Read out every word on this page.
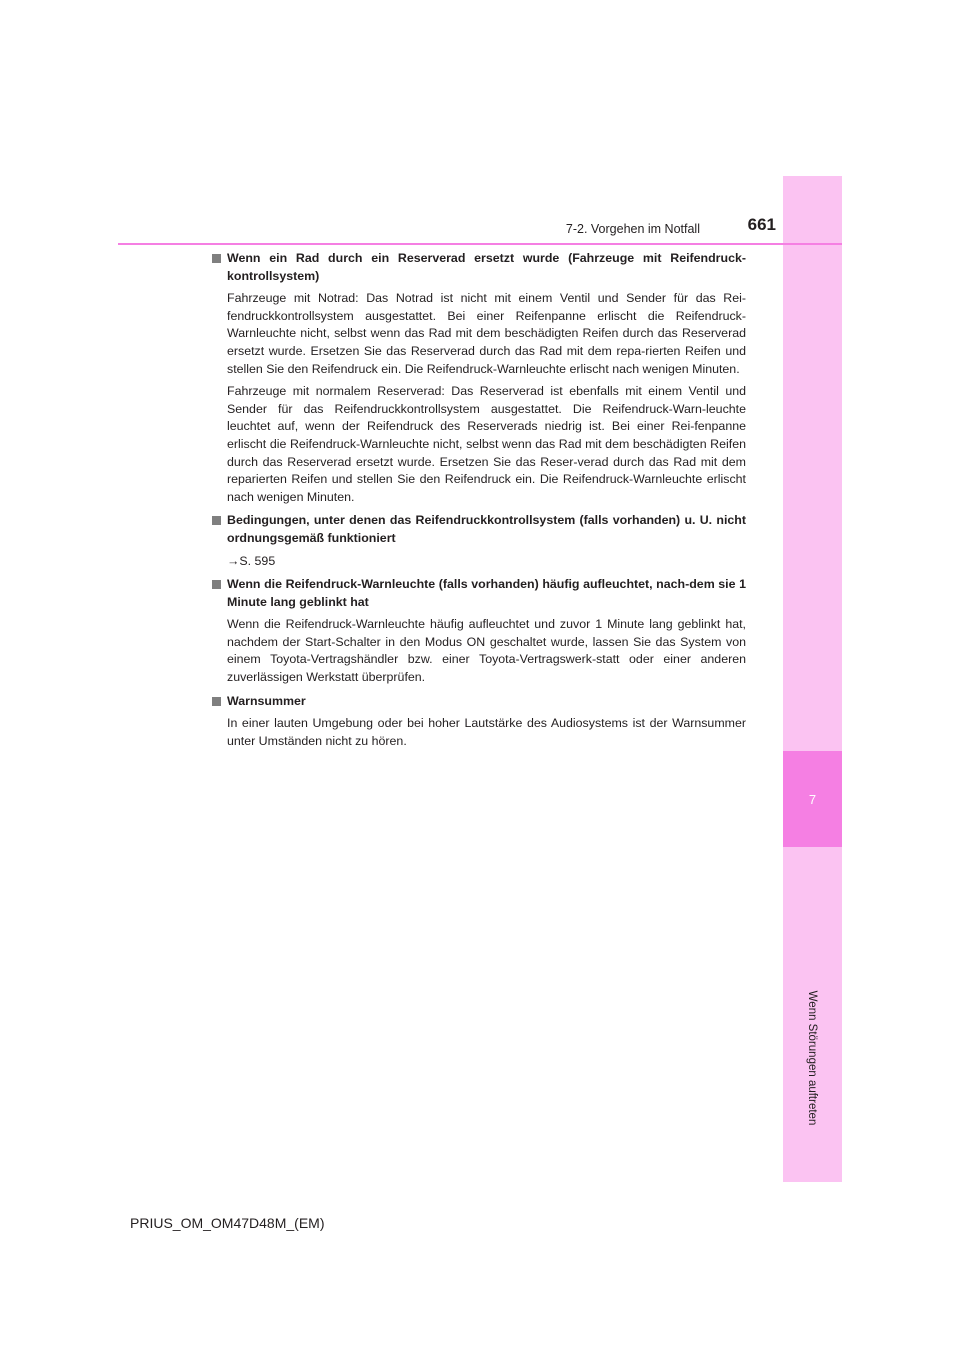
7
Wenn Störungen auftreten
7-2. Vorgehen im Notfall	661
Wenn ein Rad durch ein Reserverad ersetzt wurde (Fahrzeuge mit Reifendruck-kontrollsystem)
Fahrzeuge mit Notrad: Das Notrad ist nicht mit einem Ventil und Sender für das Rei-fendruckkontrollsystem ausgestattet. Bei einer Reifenpanne erlischt die Reifendruck-Warnleuchte nicht, selbst wenn das Rad mit dem beschädigten Reifen durch das Reserverad ersetzt wurde. Ersetzen Sie das Reserverad durch das Rad mit dem repa-rierten Reifen und stellen Sie den Reifendruck ein. Die Reifendruck-Warnleuchte erlischt nach wenigen Minuten.
Fahrzeuge mit normalem Reserverad: Das Reserverad ist ebenfalls mit einem Ventil und Sender für das Reifendruckkontrollsystem ausgestattet. Die Reifendruck-Warn-leuchte leuchtet auf, wenn der Reifendruck des Reserverads niedrig ist. Bei einer Rei-fenpanne erlischt die Reifendruck-Warnleuchte nicht, selbst wenn das Rad mit dem beschädigten Reifen durch das Reserverad ersetzt wurde. Ersetzen Sie das Reser-verad durch das Rad mit dem reparierten Reifen und stellen Sie den Reifendruck ein. Die Reifendruck-Warnleuchte erlischt nach wenigen Minuten.
Bedingungen, unter denen das Reifendruckkontrollsystem (falls vorhanden) u. U. nicht ordnungsgemäß funktioniert
→S. 595
Wenn die Reifendruck-Warnleuchte (falls vorhanden) häufig aufleuchtet, nach-dem sie 1 Minute lang geblinkt hat
Wenn die Reifendruck-Warnleuchte häufig aufleuchtet und zuvor 1 Minute lang geblinkt hat, nachdem der Start-Schalter in den Modus ON geschaltet wurde, lassen Sie das System von einem Toyota-Vertragshändler bzw. einer Toyota-Vertragswerk-statt oder einer anderen zuverlässigen Werkstatt überprüfen.
Warnsummer
In einer lauten Umgebung oder bei hoher Lautstärke des Audiosystems ist der Warnsummer unter Umständen nicht zu hören.
PRIUS_OM_OM47D48M_(EM)
